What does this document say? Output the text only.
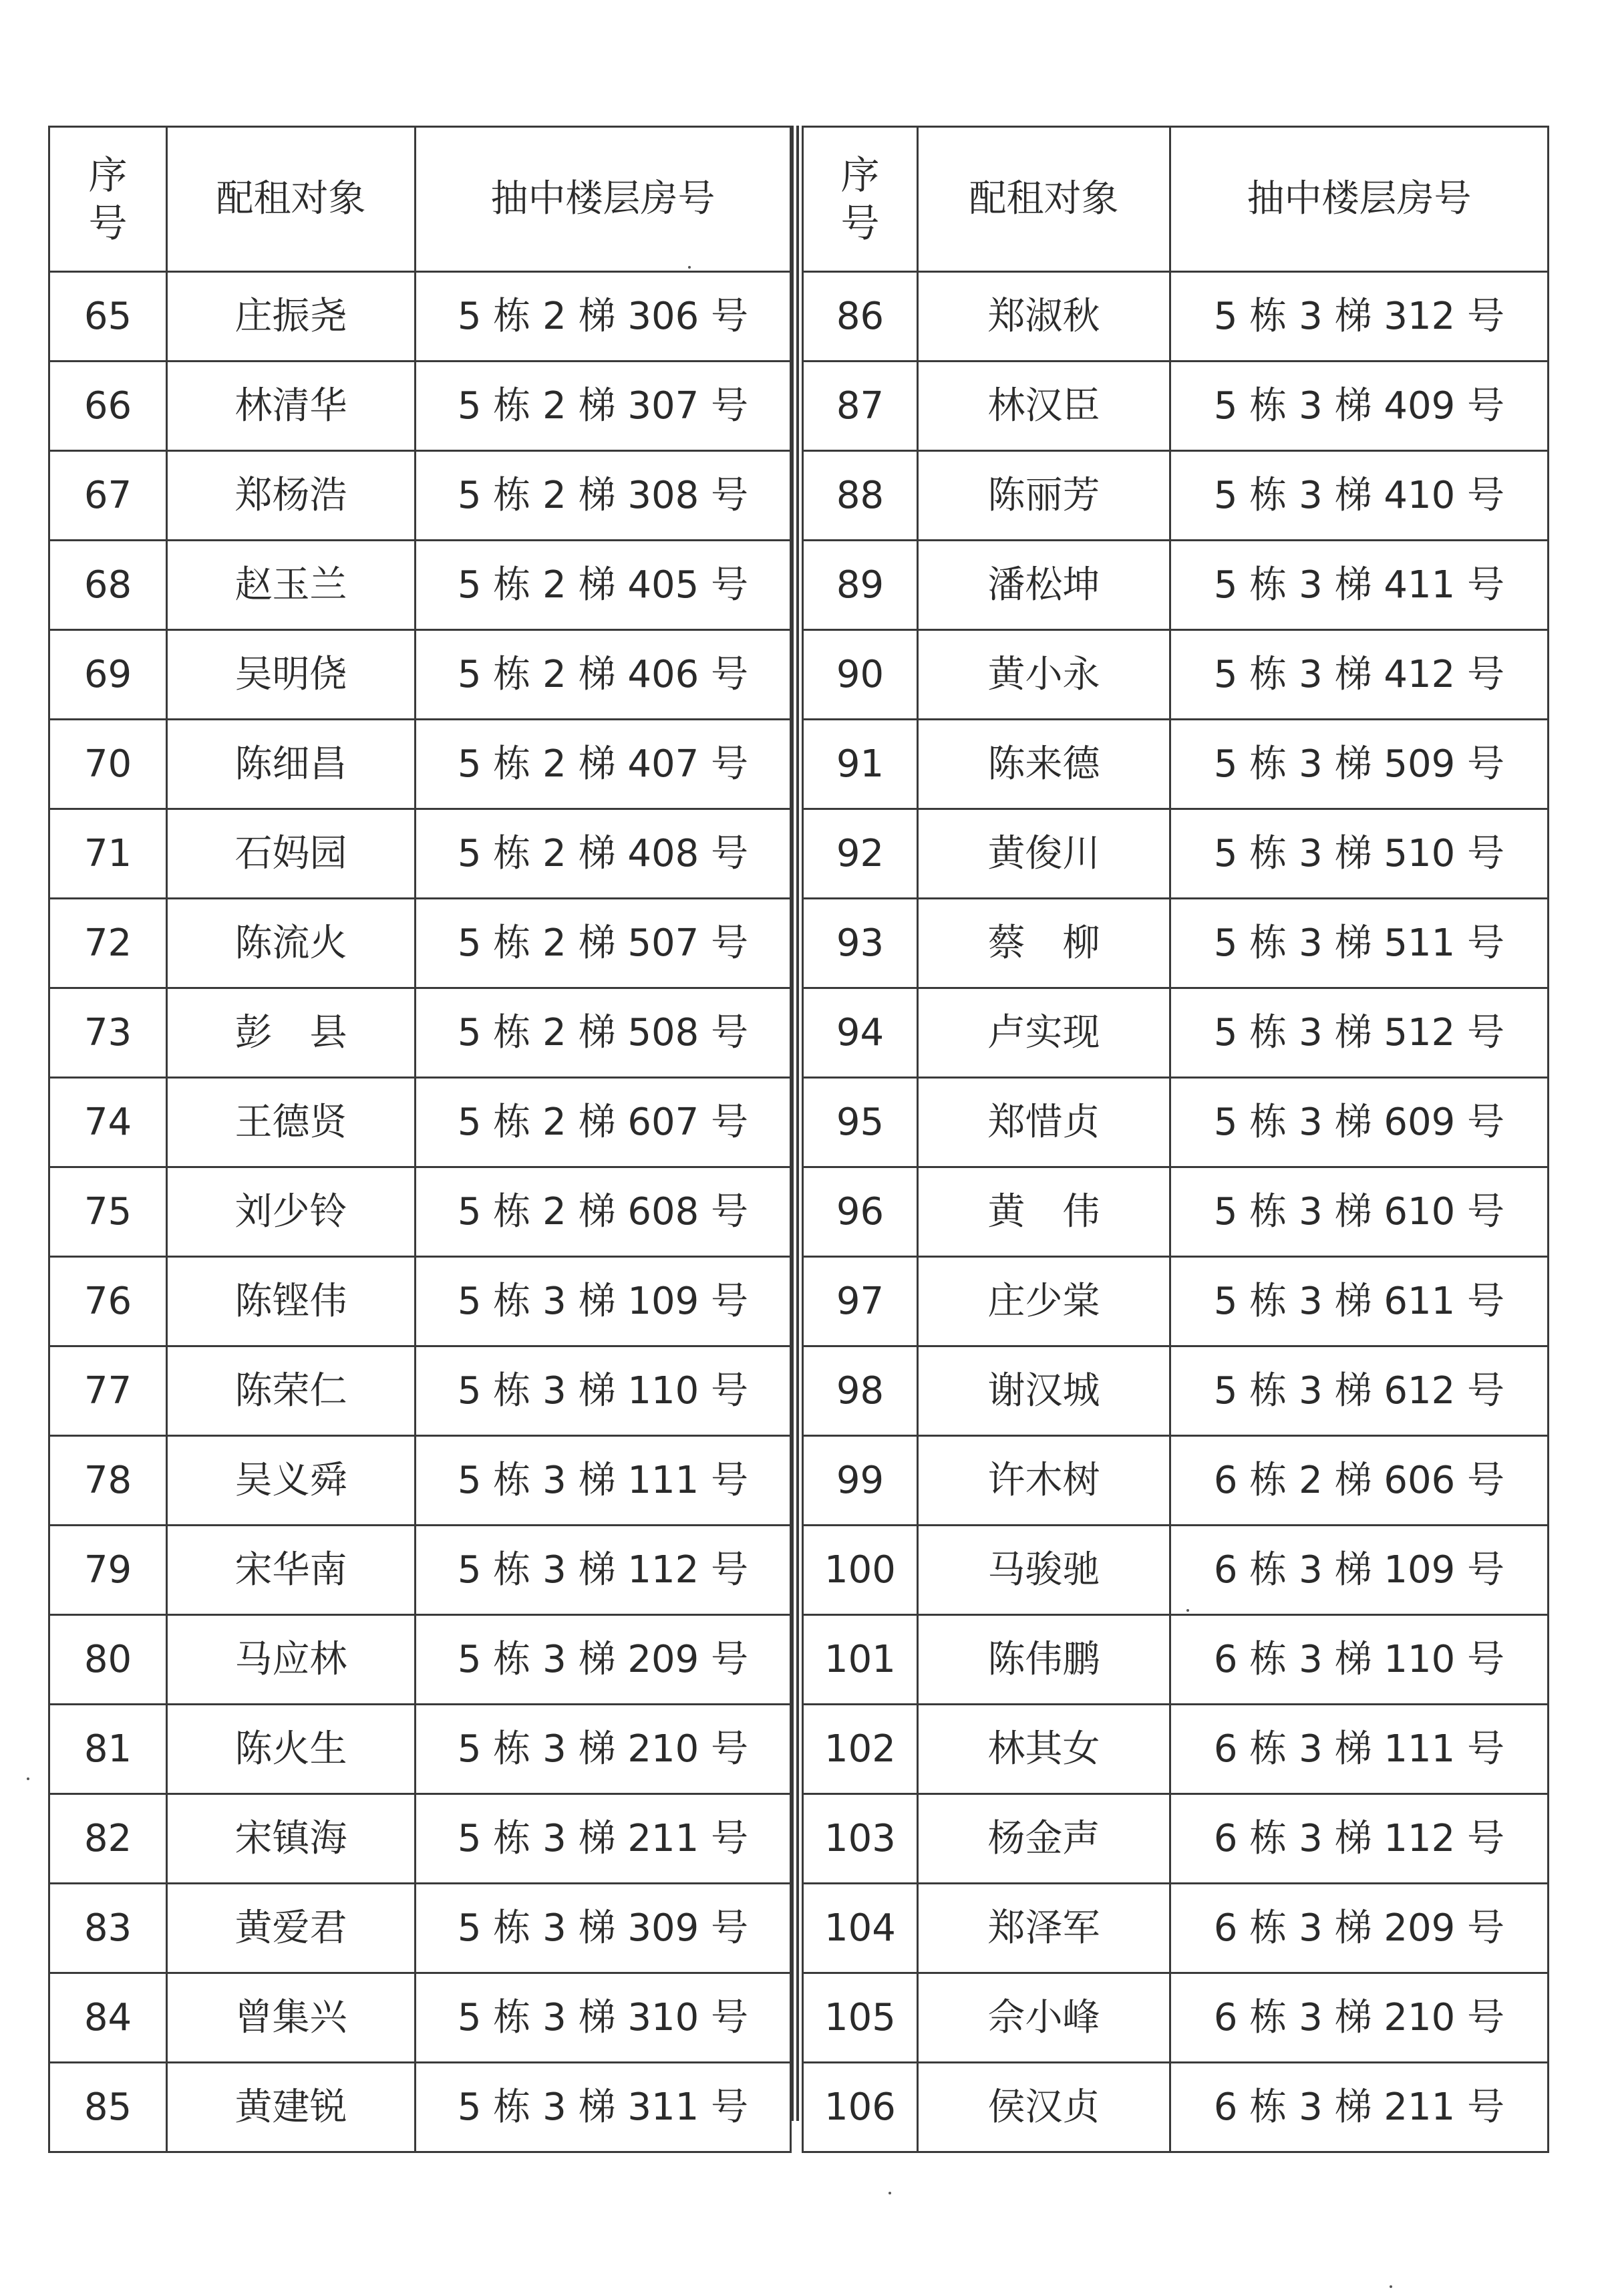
序
号	配租对象	抽中楼层房号
65	庄振尧	5 栋 2 梯 306 号
66	林清华	5 栋 2 梯 307 号
67	郑杨浩	5 栋 2 梯 308 号
68	赵玉兰	5 栋 2 梯 405 号
69	吴明侥	5 栋 2 梯 406 号
70	陈细昌	5 栋 2 梯 407 号
71	石妈园	5 栋 2 梯 408 号
72	陈流火	5 栋 2 梯 507 号
73	彭　县	5 栋 2 梯 508 号
74	王德贤	5 栋 2 梯 607 号
75	刘少铃	5 栋 2 梯 608 号
76	陈铿伟	5 栋 3 梯 109 号
77	陈荣仁	5 栋 3 梯 110 号
78	吴义舜	5 栋 3 梯 111 号
79	宋华南	5 栋 3 梯 112 号
80	马应林	5 栋 3 梯 209 号
81	陈火生	5 栋 3 梯 210 号
82	宋镇海	5 栋 3 梯 211 号
83	黄爱君	5 栋 3 梯 309 号
84	曾集兴	5 栋 3 梯 310 号
85	黄建锐	5 栋 3 梯 311 号
序
号	配租对象	抽中楼层房号
86	郑淑秋	5 栋 3 梯 312 号
87	林汉臣	5 栋 3 梯 409 号
88	陈丽芳	5 栋 3 梯 410 号
89	潘松坤	5 栋 3 梯 411 号
90	黄小永	5 栋 3 梯 412 号
91	陈来德	5 栋 3 梯 509 号
92	黄俊川	5 栋 3 梯 510 号
93	蔡　柳	5 栋 3 梯 511 号
94	卢实现	5 栋 3 梯 512 号
95	郑惜贞	5 栋 3 梯 609 号
96	黄　伟	5 栋 3 梯 610 号
97	庄少棠	5 栋 3 梯 611 号
98	谢汉城	5 栋 3 梯 612 号
99	许木树	6 栋 2 梯 606 号
100	马骏驰	6 栋 3 梯 109 号
101	陈伟鹏	6 栋 3 梯 110 号
102	林其女	6 栋 3 梯 111 号
103	杨金声	6 栋 3 梯 112 号
104	郑泽军	6 栋 3 梯 209 号
105	佘小峰	6 栋 3 梯 210 号
106	侯汉贞	6 栋 3 梯 211 号
